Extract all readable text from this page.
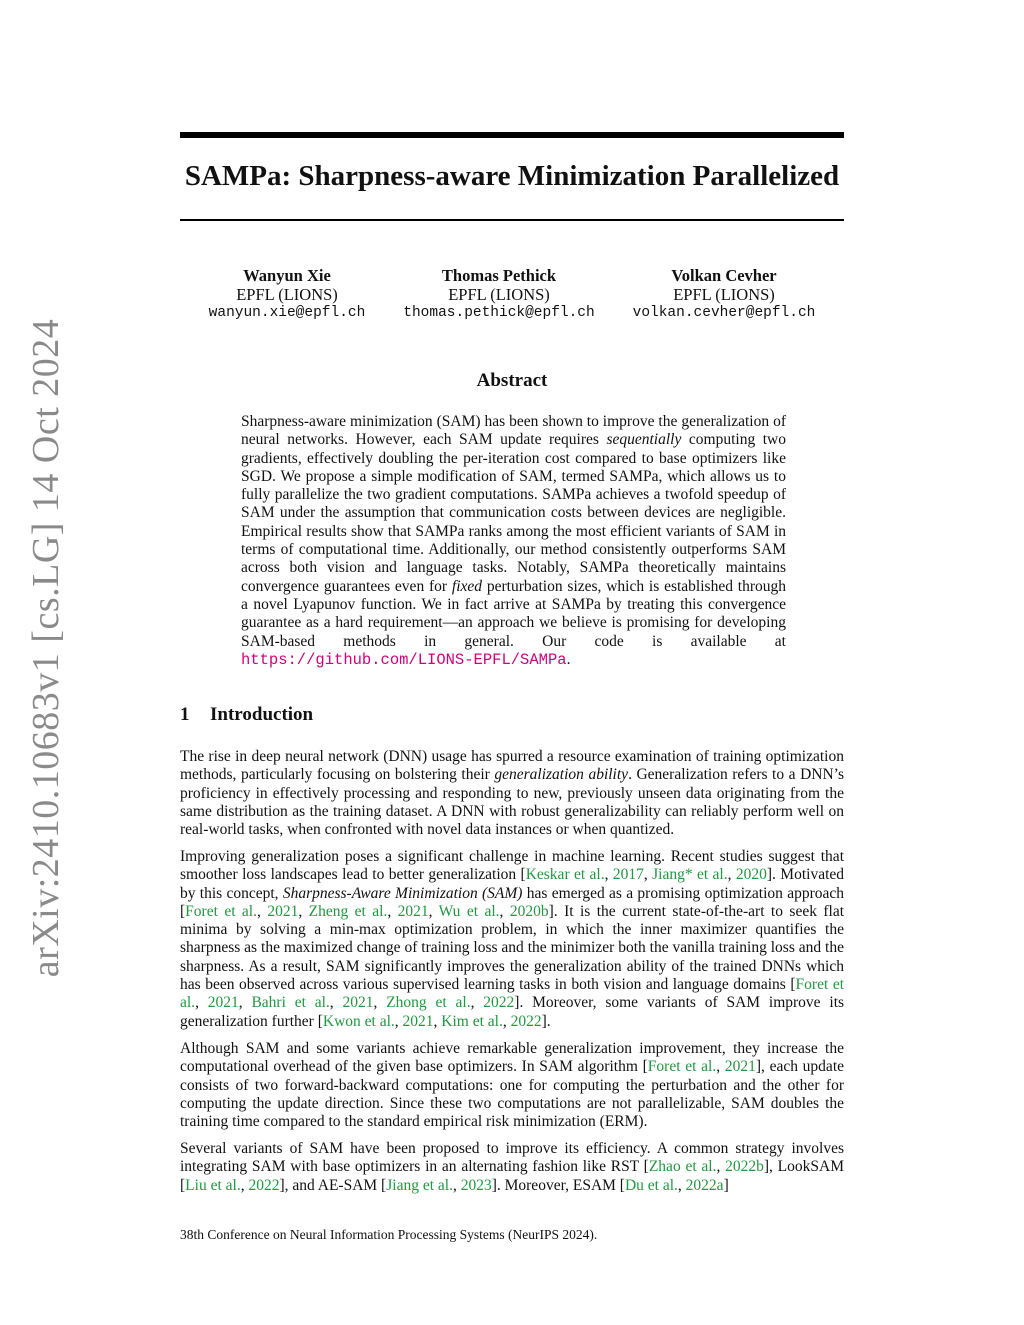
arXiv:2410.10683v1 [cs.LG] 14 Oct 2024
SAMPa: Sharpness-aware Minimization Parallelized
Wanyun Xie
EPFL (LIONS)
wanyun.xie@epfl.ch
Thomas Pethick
EPFL (LIONS)
thomas.pethick@epfl.ch
Volkan Cevher
EPFL (LIONS)
volkan.cevher@epfl.ch
Abstract

Sharpness-aware minimization (SAM) has been shown to improve the generalization of neural networks. However, each SAM update requires sequentially computing two gradients, effectively doubling the per-iteration cost compared to base optimizers like SGD. We propose a simple modification of SAM, termed SAMPa, which allows us to fully parallelize the two gradient computations. SAMPa achieves a twofold speedup of SAM under the assumption that communication costs between devices are negligible. Empirical results show that SAMPa ranks among the most efficient variants of SAM in terms of computational time. Additionally, our method consistently outperforms SAM across both vision and language tasks. Notably, SAMPa theoretically maintains convergence guarantees even for fixed perturbation sizes, which is established through a novel Lyapunov function. We in fact arrive at SAMPa by treating this convergence guarantee as a hard requirement—an approach we believe is promising for developing SAM-based methods in general. Our code is available at https://github.com/LIONS-EPFL/SAMPa.

1 Introduction

The rise in deep neural network (DNN) usage has spurred a resource examination of training optimization methods, particularly focusing on bolstering their generalization ability. Generalization refers to a DNN’s proficiency in effectively processing and responding to new, previously unseen data originating from the same distribution as the training dataset. A DNN with robust generalizability can reliably perform well on real-world tasks, when confronted with novel data instances or when quantized.

Improving generalization poses a significant challenge in machine learning. Recent studies suggest that smoother loss landscapes lead to better generalization [Keskar et al., 2017, Jiang* et al., 2020]. Motivated by this concept, Sharpness-Aware Minimization (SAM) has emerged as a promising optimization approach [Foret et al., 2021, Zheng et al., 2021, Wu et al., 2020b]. It is the current state-of-the-art to seek flat minima by solving a min-max optimization problem, in which the inner maximizer quantifies the sharpness as the maximized change of training loss and the minimizer both the vanilla training loss and the sharpness. As a result, SAM significantly improves the generalization ability of the trained DNNs which has been observed across various supervised learning tasks in both vision and language domains [Foret et al., 2021, Bahri et al., 2021, Zhong et al., 2022]. Moreover, some variants of SAM improve its generalization further [Kwon et al., 2021, Kim et al., 2022].

Although SAM and some variants achieve remarkable generalization improvement, they increase the computational overhead of the given base optimizers. In SAM algorithm [Foret et al., 2021], each update consists of two forward-backward computations: one for computing the perturbation and the other for computing the update direction. Since these two computations are not parallelizable, SAM doubles the training time compared to the standard empirical risk minimization (ERM).

Several variants of SAM have been proposed to improve its efficiency. A common strategy involves integrating SAM with base optimizers in an alternating fashion like RST [Zhao et al., 2022b], LookSAM [Liu et al., 2022], and AE-SAM [Jiang et al., 2023]. Moreover, ESAM [Du et al., 2022a]

38th Conference on Neural Information Processing Systems (NeurIPS 2024).
